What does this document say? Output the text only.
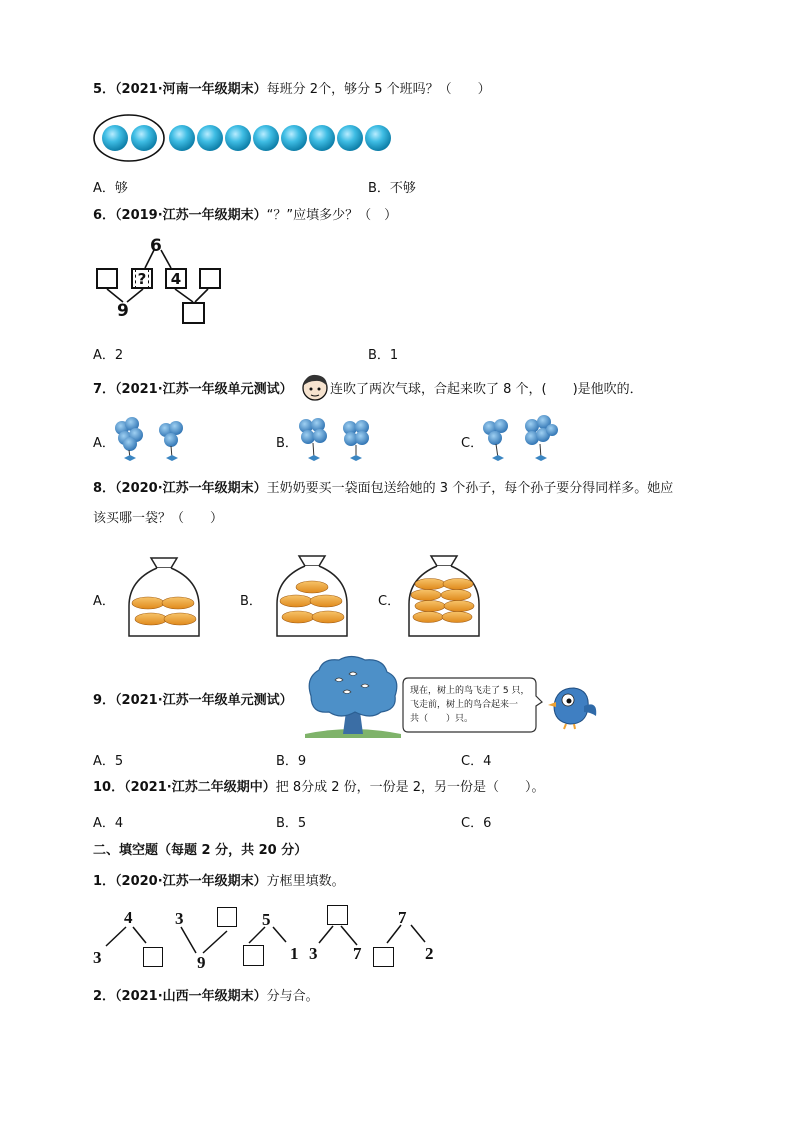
5．（2021·河南一年级期末）每班分 2个，够分 5 个班吗？（　　）
A．够	B．不够
6．（2019·江苏一年级期末）“？”应填多少？（　）
6
?	4
9
A．2	B．1
7．（2021·江苏一年级单元测试）	连吹了两次气球，合起来吹了 8 个，(　　)是他吹的．
A．	B．	C．
8．（2020·江苏一年级期末）王奶奶要买一袋面包送给她的 3 个孙子，每个孙子要分得同样多。她应
该买哪一袋？（　　）
A．	B．	C．
9．（2021·江苏一年级单元测试）
现在，树上的鸟飞走了 5 只，
飞走前，树上的鸟合起来一
共（　　）只。
A．5	B．9	C．4
10．（2021·江苏二年级期中）把 8分成 2 份，一份是 2，另一份是（　　）。
A．4	B．5	C．6
二、填空题（每题 2 分，共 20 分）
1．（2020·江苏一年级期末）方框里填数。
4
3
3
9
5
1 3 7
7
2
2．（2021·山西一年级期末）分与合。
